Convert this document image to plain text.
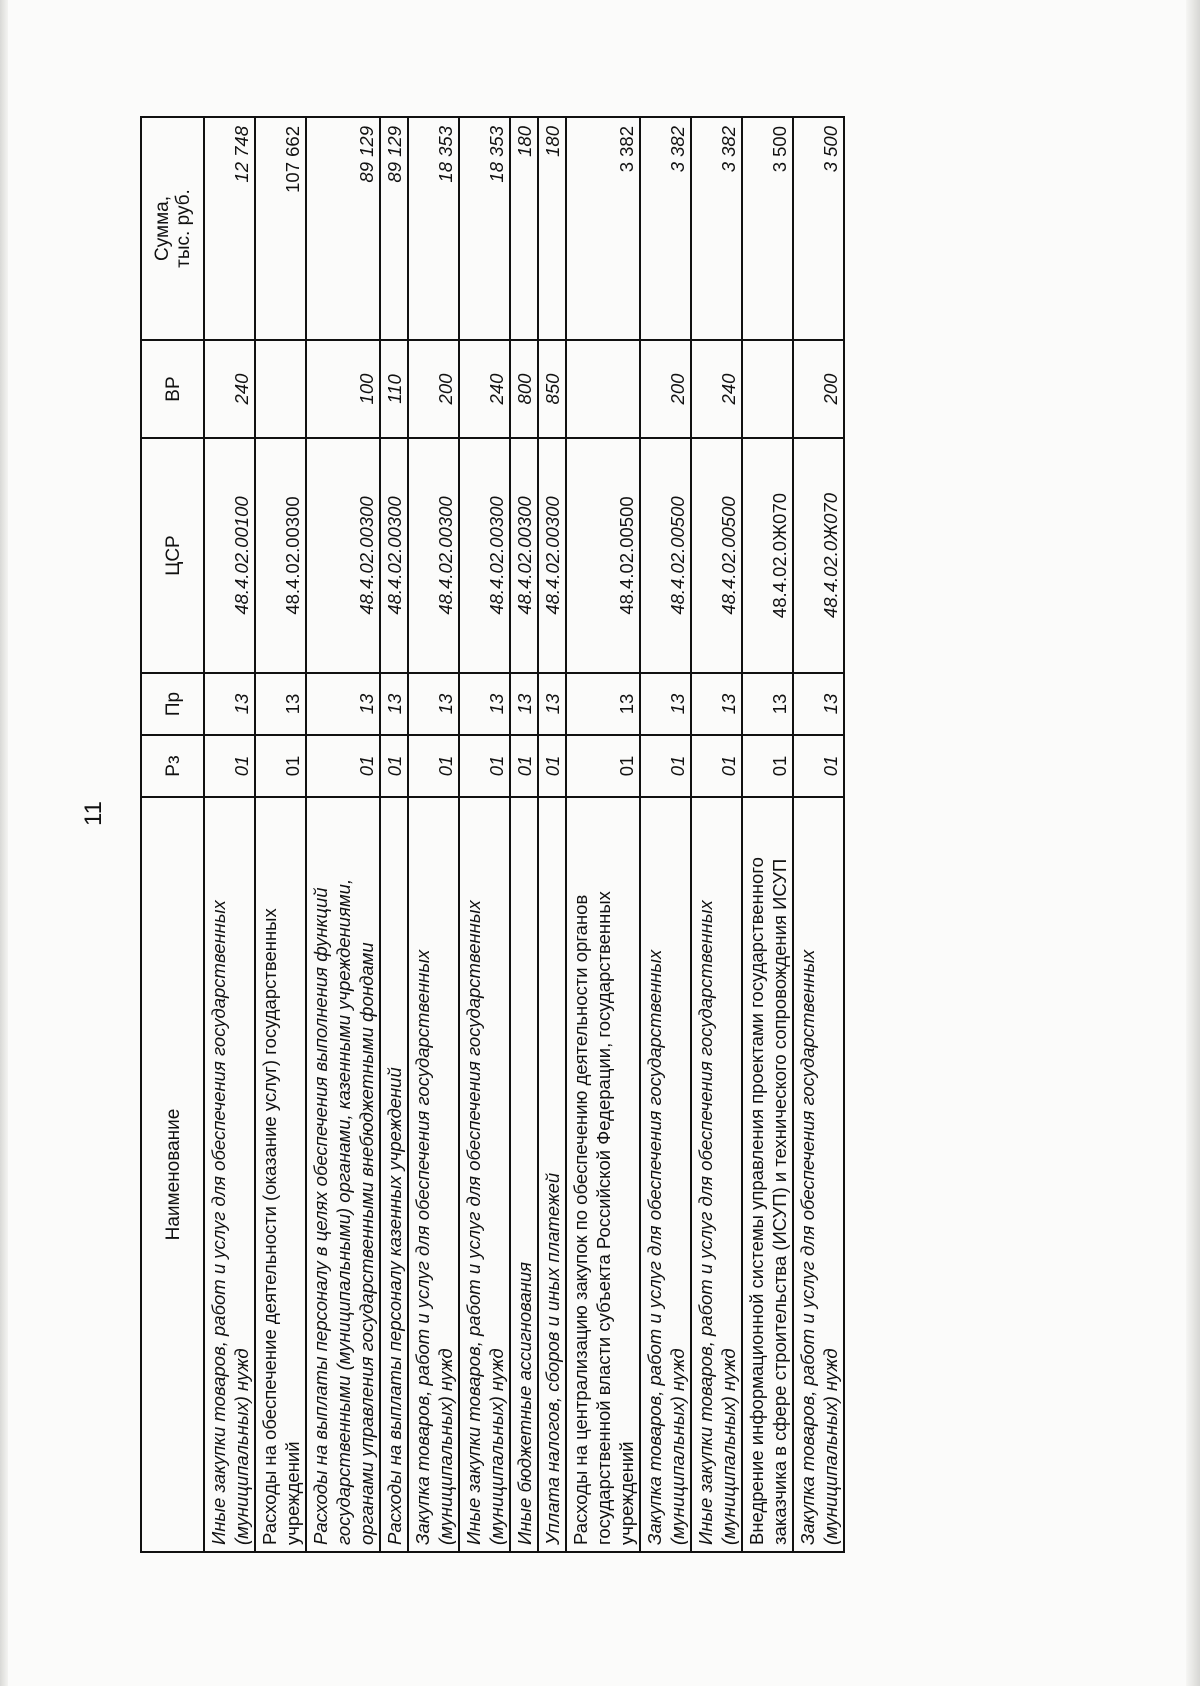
11
Наименование	Рз	Пр	ЦСР	ВР	Сумма,
тыс. руб.
Иные закупки товаров, работ и услуг для обеспечения государственных (муниципальных) нужд	01	13	48.4.02.00100	240	12 748
Расходы на обеспечение деятельности (оказание услуг) государственных учреждений	01	13	48.4.02.00300		107 662
Расходы на выплаты персоналу в целях обеспечения выполнения функций государственными (муниципальными) органами, казенными учреждениями, органами управления государственными внебюджетными фондами	01	13	48.4.02.00300	100	89 129
Расходы на выплаты персоналу казенных учреждений	01	13	48.4.02.00300	110	89 129
Закупка товаров, работ и услуг для обеспечения государственных (муниципальных) нужд	01	13	48.4.02.00300	200	18 353
Иные закупки товаров, работ и услуг для обеспечения государственных (муниципальных) нужд	01	13	48.4.02.00300	240	18 353
Иные бюджетные ассигнования	01	13	48.4.02.00300	800	180
Уплата налогов, сборов и иных платежей	01	13	48.4.02.00300	850	180
Расходы на централизацию закупок по обеспечению деятельности органов государственной власти субъекта Российской Федерации, государственных учреждений	01	13	48.4.02.00500		3 382
Закупка товаров, работ и услуг для обеспечения государственных (муниципальных) нужд	01	13	48.4.02.00500	200	3 382
Иные закупки товаров, работ и услуг для обеспечения государственных (муниципальных) нужд	01	13	48.4.02.00500	240	3 382
Внедрение информационной системы управления проектами государственного заказчика в сфере строительства (ИСУП) и технического сопровождения ИСУП	01	13	48.4.02.0Ж070		3 500
Закупка товаров, работ и услуг для обеспечения государственных (муниципальных) нужд	01	13	48.4.02.0Ж070	200	3 500
